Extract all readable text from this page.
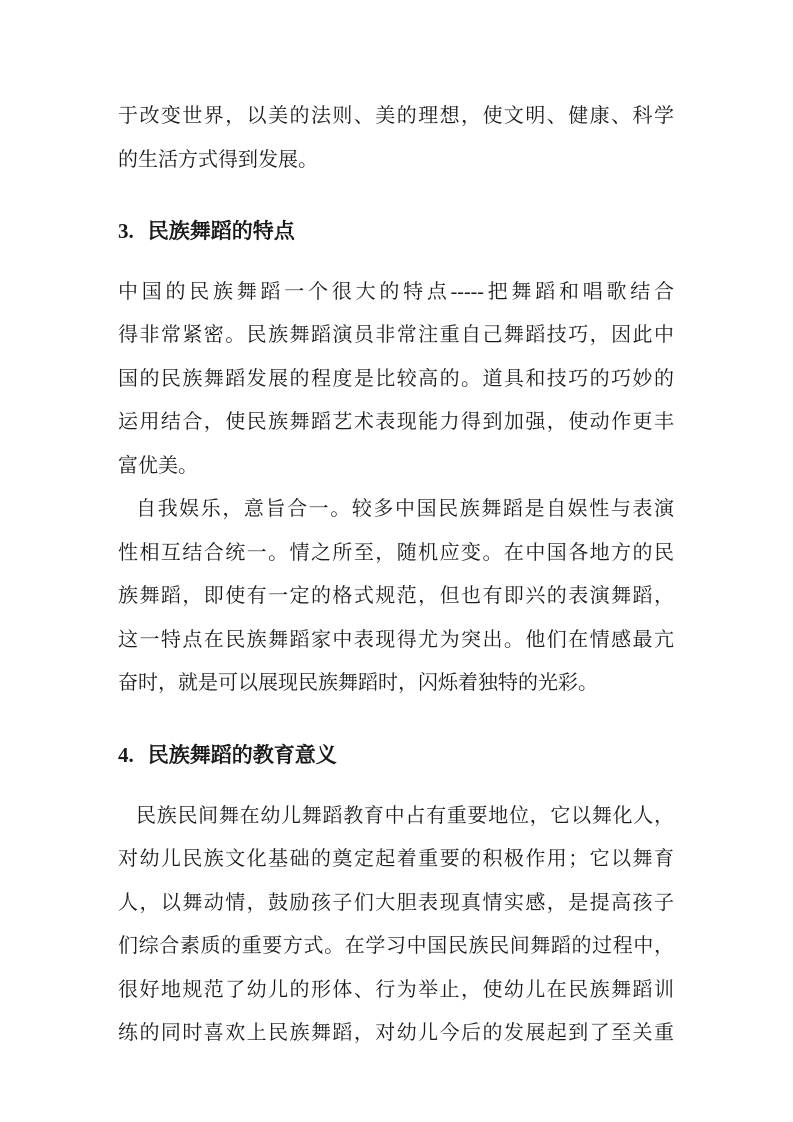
于改变世界，以美的法则、美的理想，使文明、健康、科学
的生活方式得到发展。
3. 民族舞蹈的特点
中国的民族舞蹈一个很大的特点-----把舞蹈和唱歌结合
得非常紧密。民族舞蹈演员非常注重自己舞蹈技巧，因此中
国的民族舞蹈发展的程度是比较高的。道具和技巧的巧妙的
运用结合，使民族舞蹈艺术表现能力得到加强，使动作更丰
富优美。
自我娱乐，意旨合一。较多中国民族舞蹈是自娱性与表演
性相互结合统一。情之所至，随机应变。在中国各地方的民
族舞蹈，即使有一定的格式规范，但也有即兴的表演舞蹈，
这一特点在民族舞蹈家中表现得尤为突出。他们在情感最亢
奋时，就是可以展现民族舞蹈时，闪烁着独特的光彩。
4. 民族舞蹈的教育意义
民族民间舞在幼儿舞蹈教育中占有重要地位，它以舞化人，
对幼儿民族文化基础的奠定起着重要的积极作用；它以舞育
人，以舞动情，鼓励孩子们大胆表现真情实感，是提高孩子
们综合素质的重要方式。在学习中国民族民间舞蹈的过程中，
很好地规范了幼儿的形体、行为举止，使幼儿在民族舞蹈训
练的同时喜欢上民族舞蹈，对幼儿今后的发展起到了至关重
